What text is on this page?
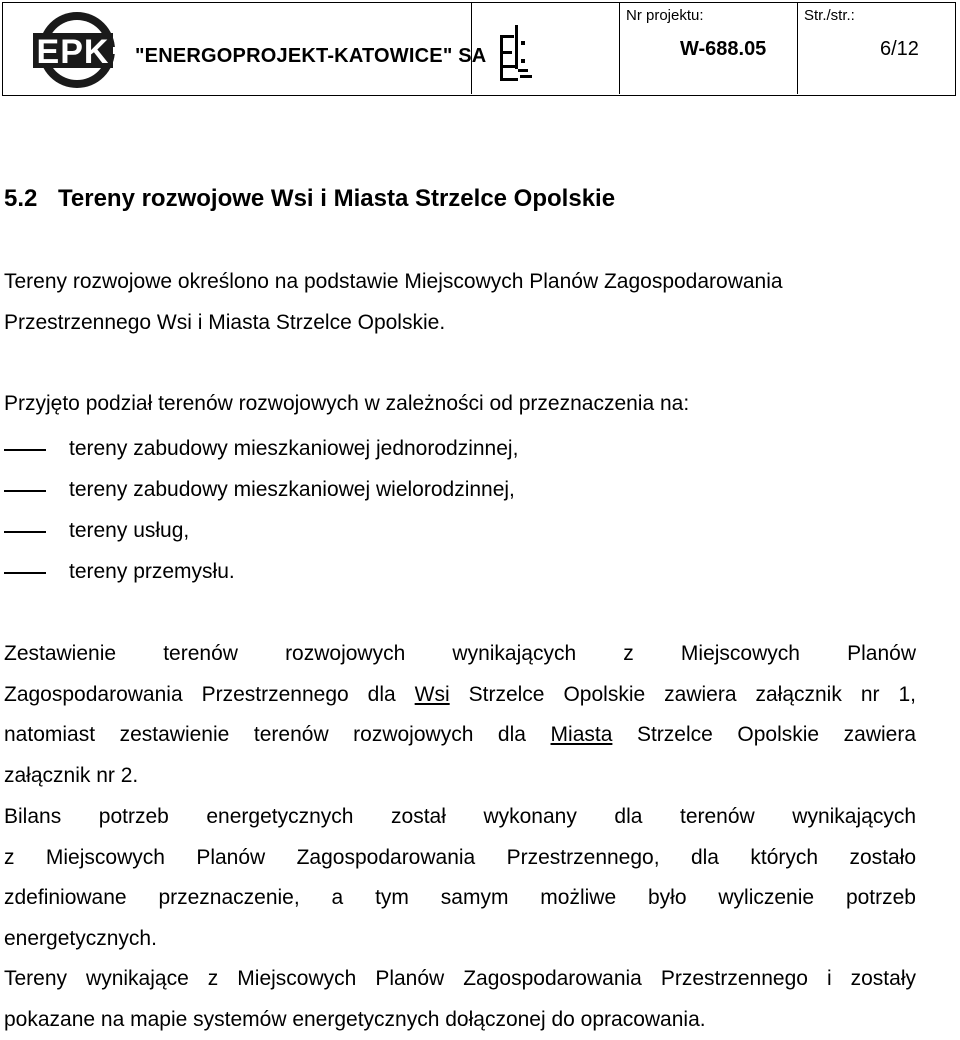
EPK "ENERGOPROJEKT-KATOWICE" SA
Nr projektu:
W-688.05
Str./str.:
6/12
5.2 Tereny rozwojowe Wsi i Miasta Strzelce Opolskie
Tereny rozwojowe określono na podstawie Miejscowych Planów Zagospodarowania
Przestrzennego Wsi i Miasta Strzelce Opolskie.
Przyjęto podział terenów rozwojowych w zależności od przeznaczenia na:
tereny zabudowy mieszkaniowej jednorodzinnej,
tereny zabudowy mieszkaniowej wielorodzinnej,
tereny usług,
tereny przemysłu.
Zestawienie terenów rozwojowych wynikających z Miejscowych Planów
Zagospodarowania Przestrzennego dla Wsi Strzelce Opolskie zawiera załącznik nr 1,
natomiast zestawienie terenów rozwojowych dla Miasta Strzelce Opolskie zawiera
załącznik nr 2.
Bilans potrzeb energetycznych został wykonany dla terenów wynikających
z Miejscowych Planów Zagospodarowania Przestrzennego, dla których zostało
zdefiniowane przeznaczenie, a tym samym możliwe było wyliczenie potrzeb
energetycznych.
Tereny wynikające z Miejscowych Planów Zagospodarowania Przestrzennego i zostały
pokazane na mapie systemów energetycznych dołączonej do opracowania.
